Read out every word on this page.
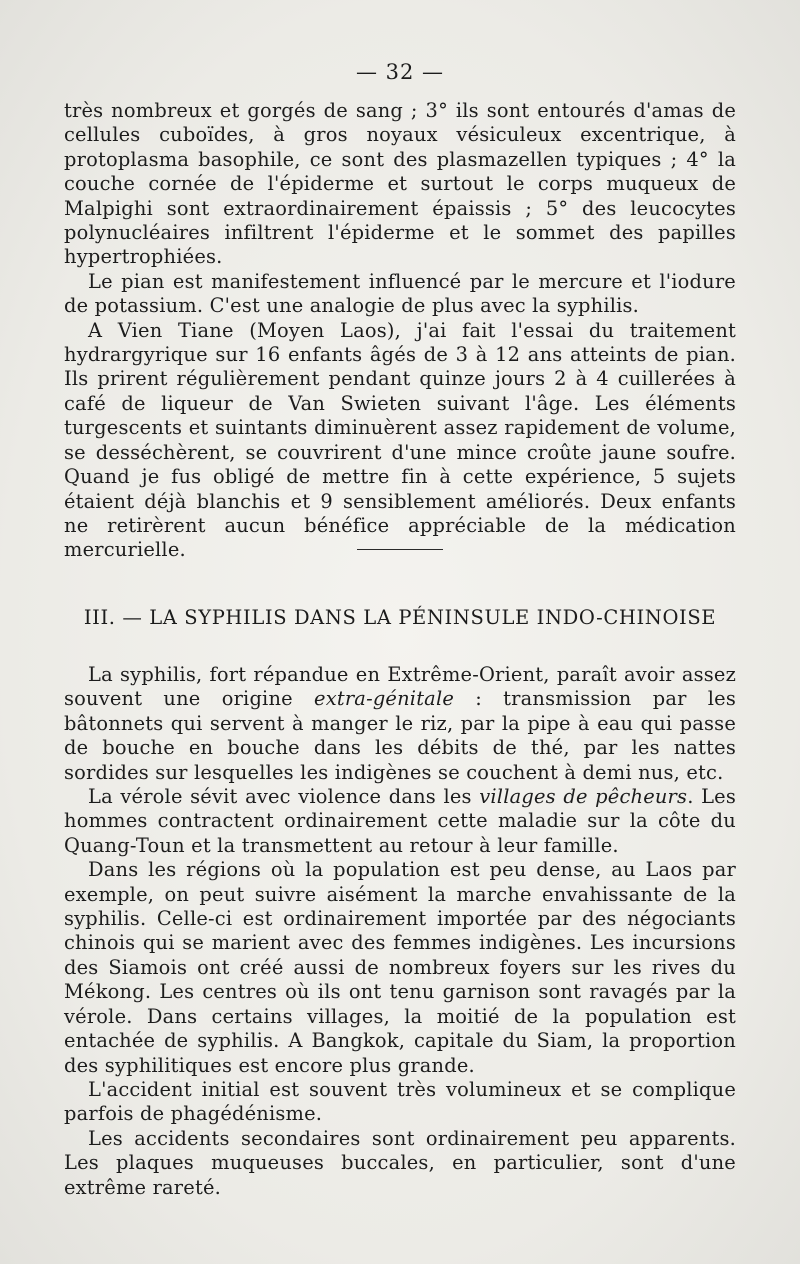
— 32 —

très nombreux et gorgés de sang ; 3° ils sont entourés d'amas de cellules cuboïdes, à gros noyaux vésiculeux excentrique, à protoplasma basophile, ce sont des plasmazellen typiques ; 4° la couche cornée de l'épiderme et surtout le corps muqueux de Malpighi sont extraordinairement épaissis ; 5° des leucocytes polynucléaires infiltrent l'épiderme et le sommet des papilles hypertrophiées.

Le pian est manifestement influencé par le mercure et l'iodure de potassium. C'est une analogie de plus avec la syphilis.

A Vien Tiane (Moyen Laos), j'ai fait l'essai du traitement hydrargyrique sur 16 enfants âgés de 3 à 12 ans atteints de pian. Ils prirent régulièrement pendant quinze jours 2 à 4 cuillerées à café de liqueur de Van Swieten suivant l'âge. Les éléments turgescents et suintants diminuèrent assez rapidement de volume, se desséchèrent, se couvrirent d'une mince croûte jaune soufre. Quand je fus obligé de mettre fin à cette expérience, 5 sujets étaient déjà blanchis et 9 sensiblement améliorés. Deux enfants ne retirèrent aucun bénéfice appréciable de la médication mercurielle.

III. — LA SYPHILIS DANS LA PÉNINSULE INDO-CHINOISE

La syphilis, fort répandue en Extrême-Orient, paraît avoir assez souvent une origine extra-génitale : transmission par les bâtonnets qui servent à manger le riz, par la pipe à eau qui passe de bouche en bouche dans les débits de thé, par les nattes sordides sur lesquelles les indigènes se couchent à demi nus, etc.

La vérole sévit avec violence dans les villages de pêcheurs. Les hommes contractent ordinairement cette maladie sur la côte du Quang-Toun et la transmettent au retour à leur famille.

Dans les régions où la population est peu dense, au Laos par exemple, on peut suivre aisément la marche envahissante de la syphilis. Celle-ci est ordinairement importée par des négociants chinois qui se marient avec des femmes indigènes. Les incursions des Siamois ont créé aussi de nombreux foyers sur les rives du Mékong. Les centres où ils ont tenu garnison sont ravagés par la vérole. Dans certains villages, la moitié de la population est entachée de syphilis. A Bangkok, capitale du Siam, la proportion des syphilitiques est encore plus grande.

L'accident initial est souvent très volumineux et se complique parfois de phagédénisme.

Les accidents secondaires sont ordinairement peu apparents. Les plaques muqueuses buccales, en particulier, sont d'une extrême rareté.
